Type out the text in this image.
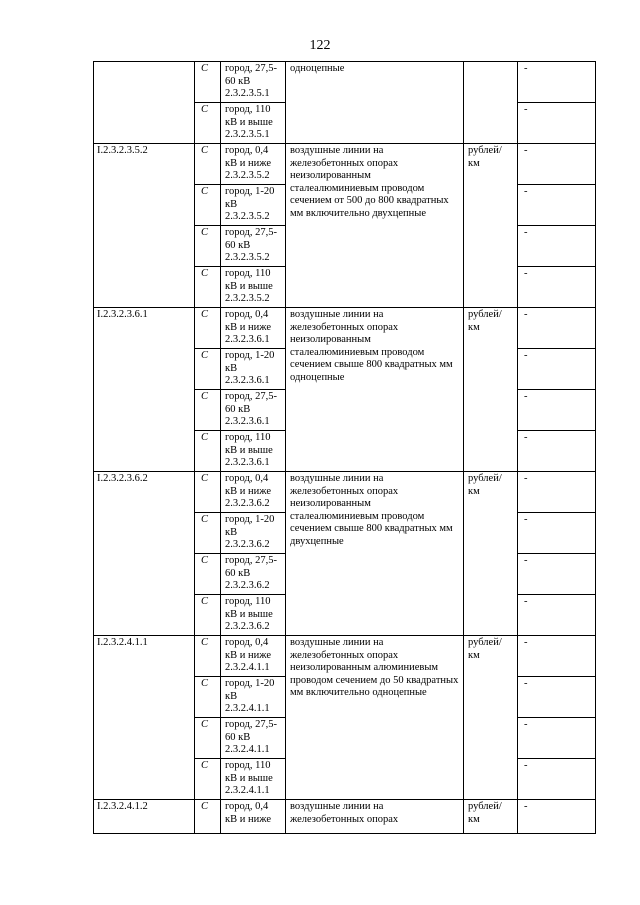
122
	С	город, 27,5-60 кВ 2.3.2.3.5.1	одноцепные		-
	С	город, 110 кВ и выше 2.3.2.3.5.1			-
I.2.3.2.3.5.2	С	город, 0,4 кВ и ниже 2.3.2.3.5.2	воздушные линии на железобетонных опорах неизолированным сталеалюминиевым проводом сечением от 500 до 800 квадратных мм включительно двухцепные	рублей/ км	-
	С	город, 1-20 кВ 2.3.2.3.5.2			-
	С	город, 27,5-60 кВ 2.3.2.3.5.2			-
	С	город, 110 кВ и выше 2.3.2.3.5.2			-
I.2.3.2.3.6.1	С	город, 0,4 кВ и ниже 2.3.2.3.6.1	воздушные линии на железобетонных опорах неизолированным сталеалюминиевым проводом сечением свыше 800 квадратных мм одноцепные	рублей/ км	-
	С	город, 1-20 кВ 2.3.2.3.6.1			-
	С	город, 27,5-60 кВ 2.3.2.3.6.1			-
	С	город, 110 кВ и выше 2.3.2.3.6.1			-
I.2.3.2.3.6.2	С	город, 0,4 кВ и ниже 2.3.2.3.6.2	воздушные линии на железобетонных опорах неизолированным сталеалюминиевым проводом сечением свыше 800 квадратных мм двухцепные	рублей/ км	-
	С	город, 1-20 кВ 2.3.2.3.6.2			-
	С	город, 27,5-60 кВ 2.3.2.3.6.2			-
	С	город, 110 кВ и выше 2.3.2.3.6.2			-
I.2.3.2.4.1.1	С	город, 0,4 кВ и ниже 2.3.2.4.1.1	воздушные линии на железобетонных опорах неизолированным алюминиевым проводом сечением до 50 квадратных мм включительно одноцепные	рублей/ км	-
	С	город, 1-20 кВ 2.3.2.4.1.1			-
	С	город, 27,5-60 кВ 2.3.2.4.1.1			-
	С	город, 110 кВ и выше 2.3.2.4.1.1			-
I.2.3.2.4.1.2	С	город, 0,4 кВ и ниже	воздушные линии на железобетонных опорах	рублей/ км	-
